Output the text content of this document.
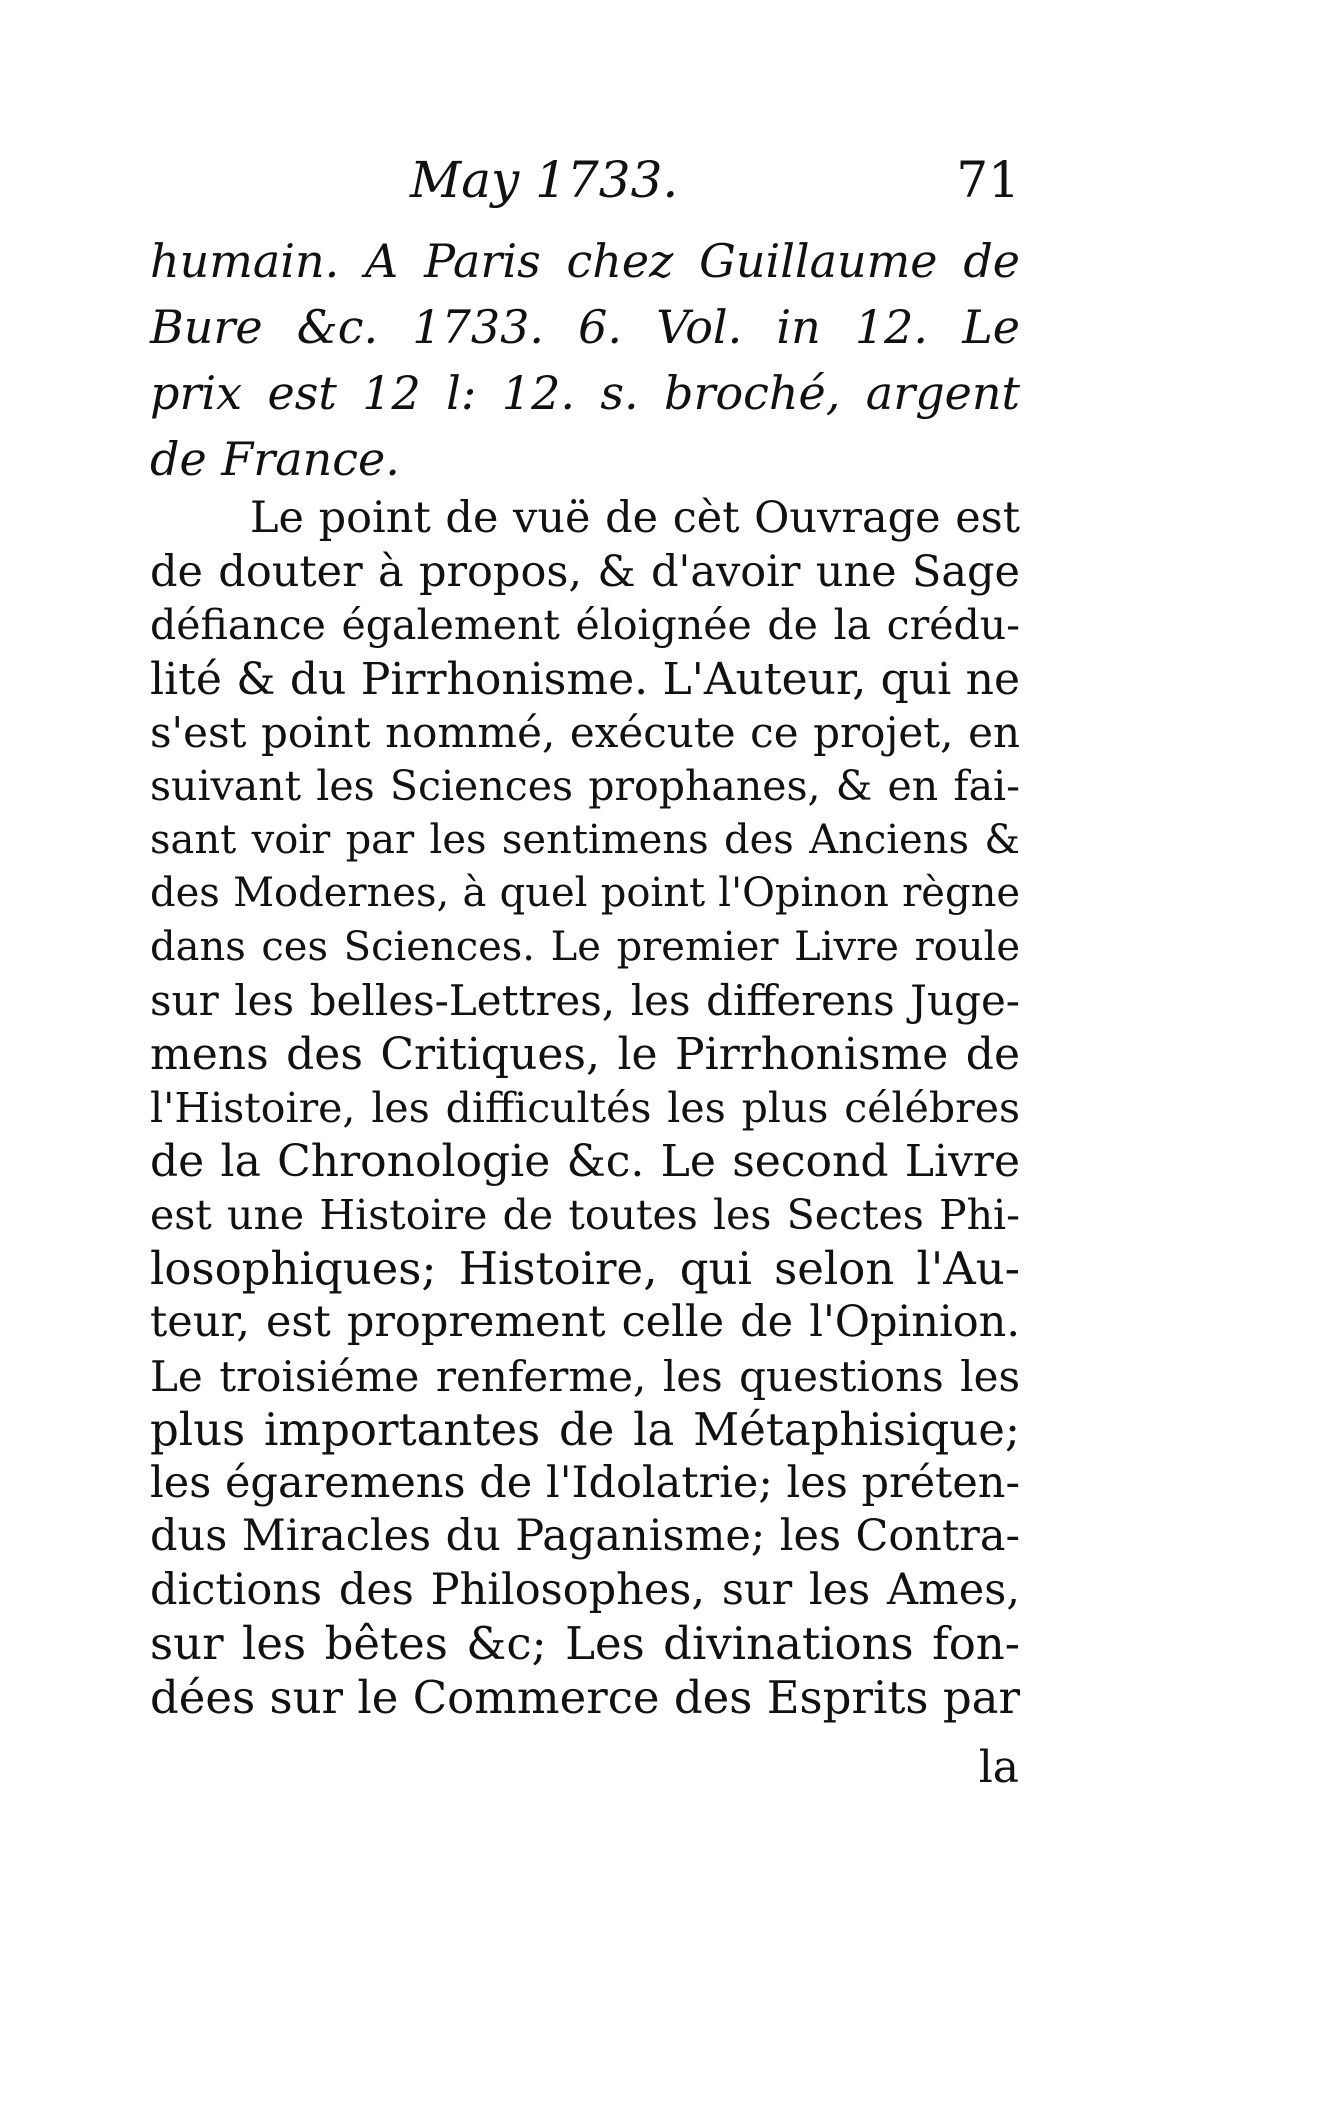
May 1733.	71
humain. A Paris chez Guillaume de
Bure &c. 1733. 6. Vol. in 12. Le
prix est 12 l: 12. s. broché, argent
de France.
Le point de vuë de cèt Ouvrage est
de douter à propos, & d'avoir une Sage
défiance également éloignée de la crédu-
lité & du Pirrhonisme. L'Auteur, qui ne
s'est point nommé, exécute ce projet, en
suivant les Sciences prophanes, & en fai-
sant voir par les sentimens des Anciens &
des Modernes, à quel point l'Opinon règne
dans ces Sciences. Le premier Livre roule
sur les belles-Lettres, les differens Juge-
mens des Critiques, le Pirrhonisme de
l'Histoire, les difficultés les plus célébres
de la Chronologie &c. Le second Livre
est une Histoire de toutes les Sectes Phi-
losophiques; Histoire, qui selon l'Au-
teur, est proprement celle de l'Opinion.
Le troisiéme renferme, les questions les
plus importantes de la Métaphisique;
les égaremens de l'Idolatrie; les préten-
dus Miracles du Paganisme; les Contra-
dictions des Philosophes, sur les Ames,
sur les bêtes &c; Les divinations fon-
dées sur le Commerce des Esprits par
la
